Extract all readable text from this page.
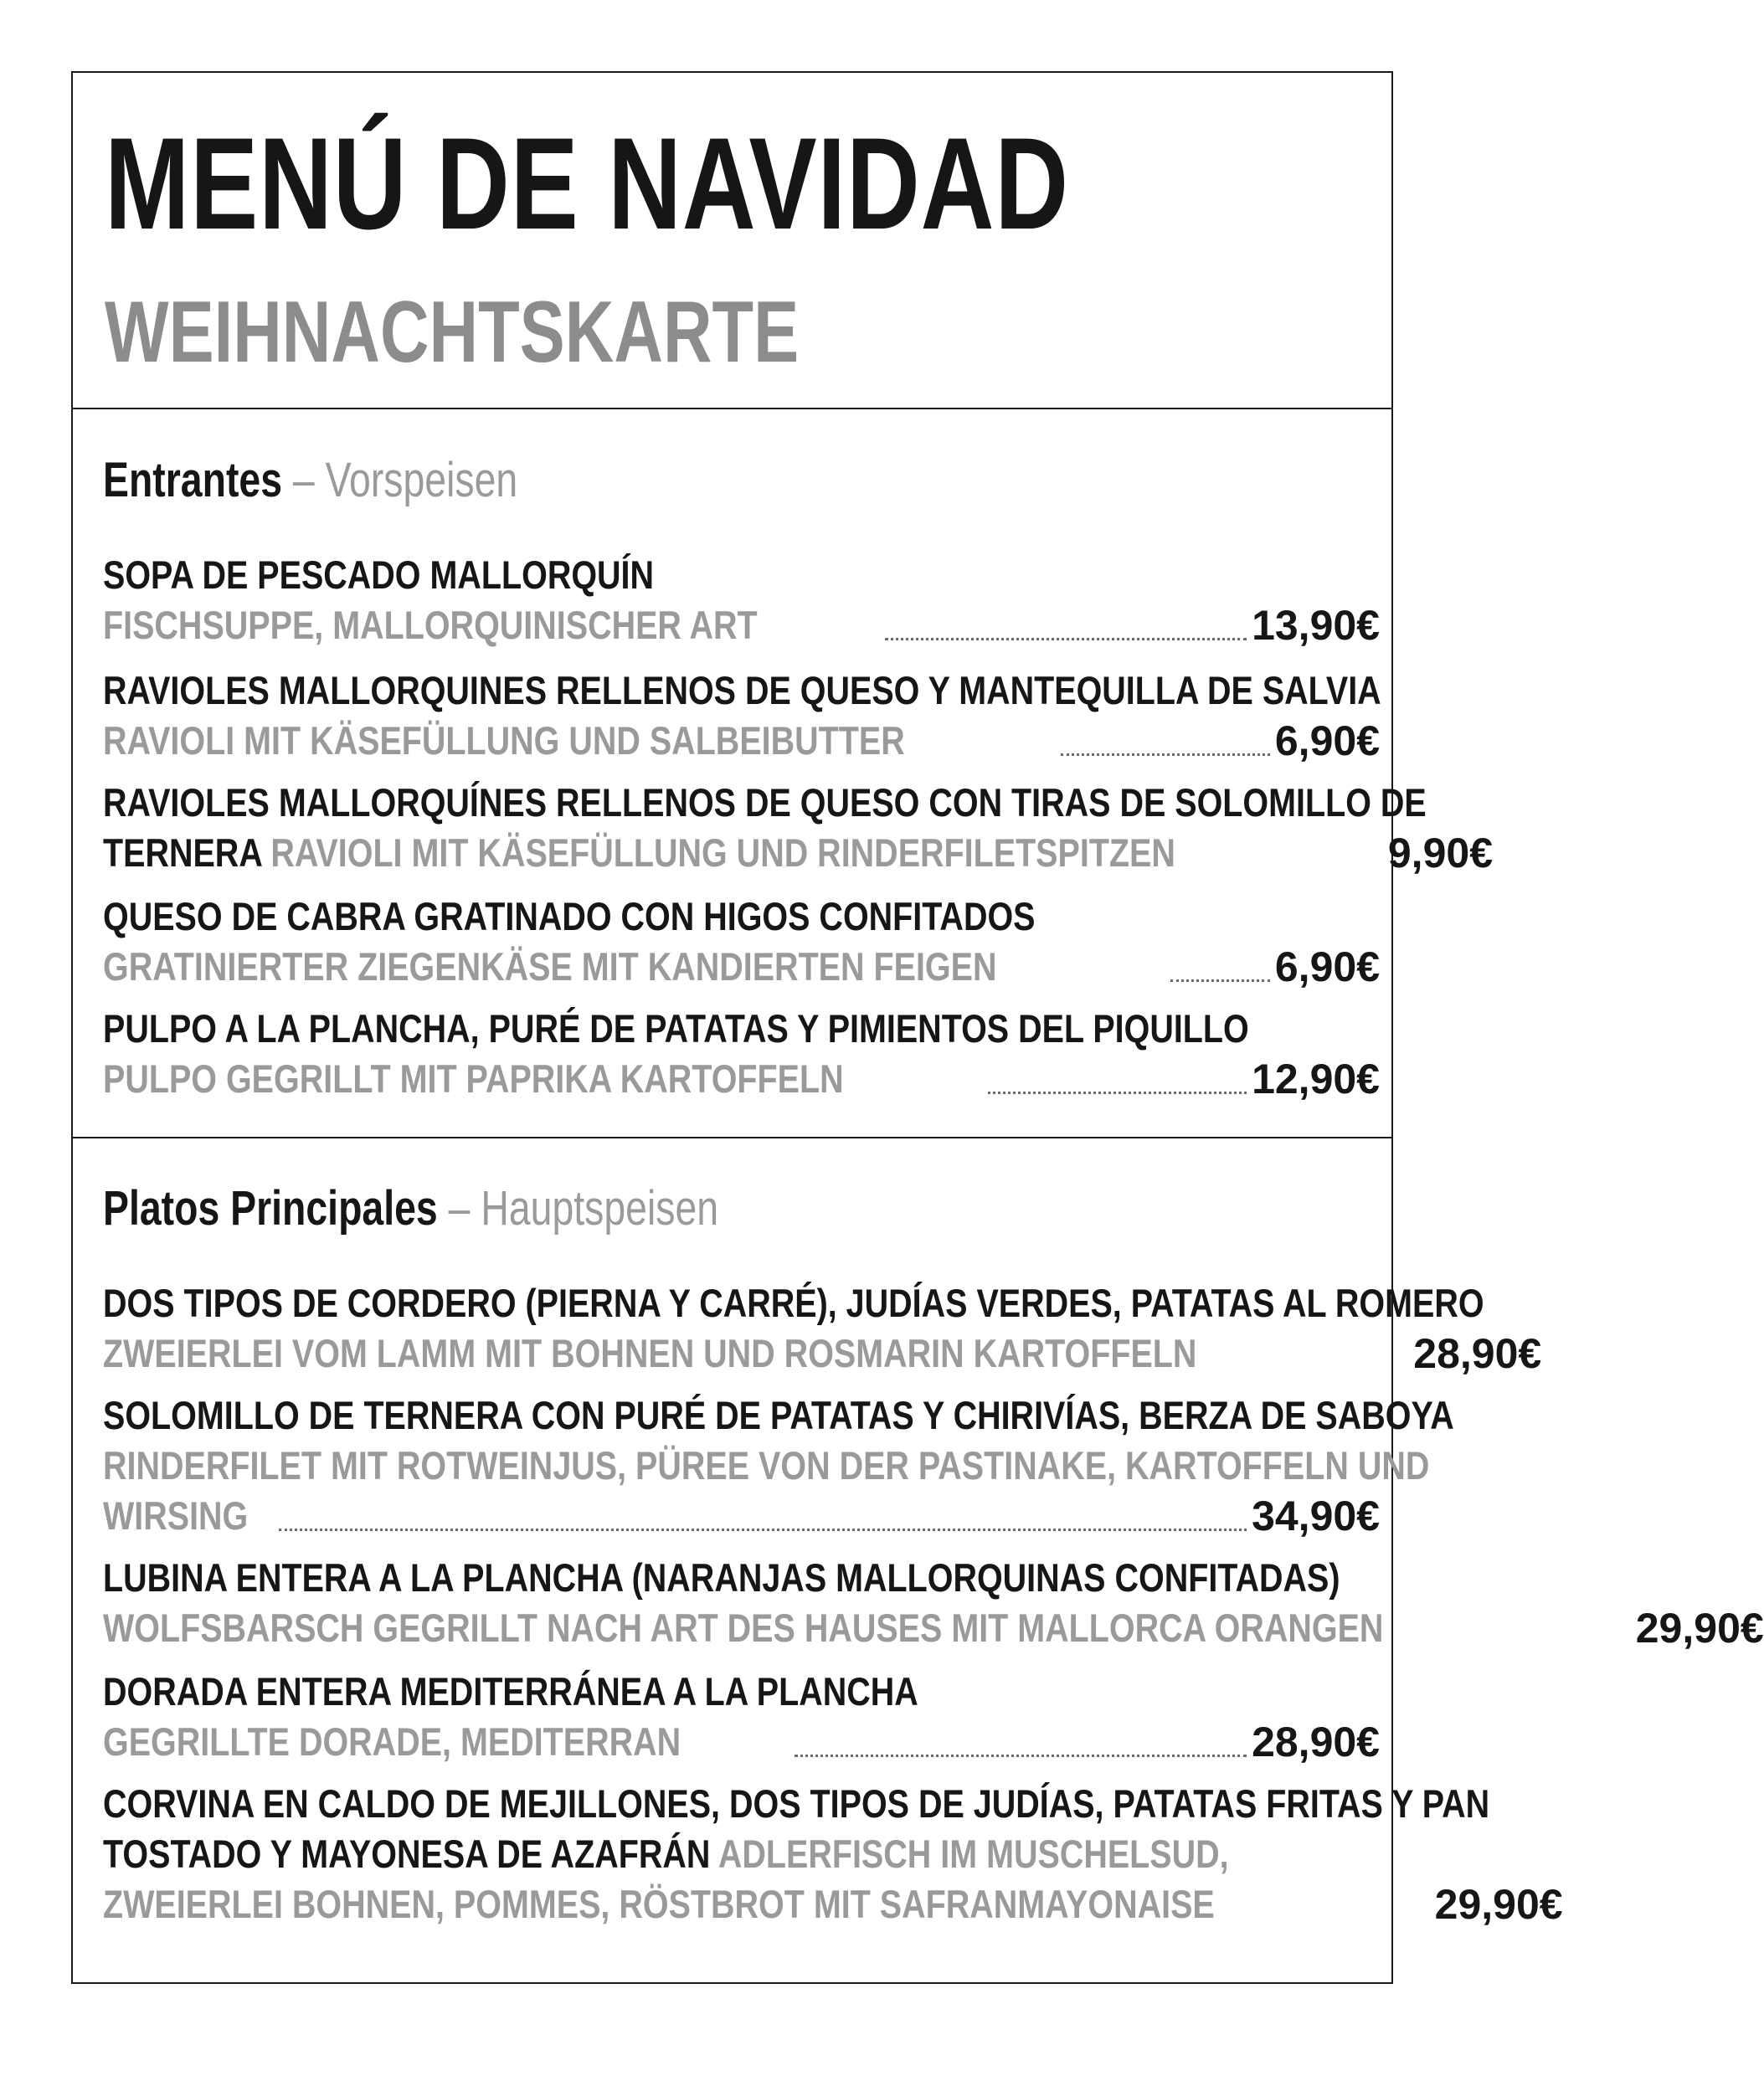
MENÚ DE NAVIDAD
WEIHNACHTSKARTE
Entrantes – Vorspeisen
SOPA DE PESCADO MALLORQUÍN
FISCHSUPPE, MALLORQUINISCHER ART	13,90€
RAVIOLES MALLORQUINES RELLENOS DE QUESO Y MANTEQUILLA DE SALVIA
RAVIOLI MIT KÄSEFÜLLUNG UND SALBEIBUTTER	6,90€
RAVIOLES MALLORQUÍNES RELLENOS DE QUESO CON TIRAS DE SOLOMILLO DE
TERNERA RAVIOLI MIT KÄSEFÜLLUNG UND RINDERFILETSPITZEN	9,90€
QUESO DE CABRA GRATINADO CON HIGOS CONFITADOS
GRATINIERTER ZIEGENKÄSE MIT KANDIERTEN FEIGEN	6,90€
PULPO A LA PLANCHA, PURÉ DE PATATAS Y PIMIENTOS DEL PIQUILLO
PULPO GEGRILLT MIT PAPRIKA KARTOFFELN	12,90€
Platos Principales – Hauptspeisen
DOS TIPOS DE CORDERO (PIERNA Y CARRÉ), JUDÍAS VERDES, PATATAS AL ROMERO
ZWEIERLEI VOM LAMM MIT BOHNEN UND ROSMARIN KARTOFFELN	28,90€
SOLOMILLO DE TERNERA CON PURÉ DE PATATAS Y CHIRIVÍAS, BERZA DE SABOYA
RINDERFILET MIT ROTWEINJUS, PÜREE VON DER PASTINAKE, KARTOFFELN UND
WIRSING	34,90€
LUBINA ENTERA A LA PLANCHA (NARANJAS MALLORQUINAS CONFITADAS)
WOLFSBARSCH GEGRILLT NACH ART DES HAUSES MIT MALLORCA ORANGEN	29,90€
DORADA ENTERA MEDITERRÁNEA A LA PLANCHA
GEGRILLTE DORADE, MEDITERRAN	28,90€
CORVINA EN CALDO DE MEJILLONES, DOS TIPOS DE JUDÍAS, PATATAS FRITAS Y PAN
TOSTADO Y MAYONESA DE AZAFRÁN ADLERFISCH IM MUSCHELSUD,
ZWEIERLEI BOHNEN, POMMES, RÖSTBROT MIT SAFRANMAYONAISE	29,90€
